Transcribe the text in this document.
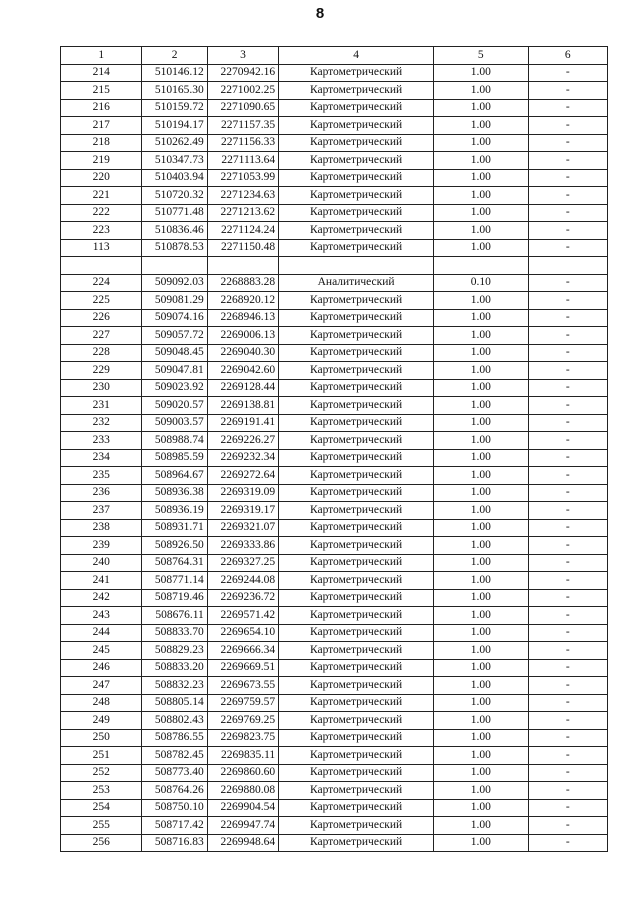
8
1	2	3	4	5	6
214	510146.12	2270942.16	Картометрический	1.00	-
215	510165.30	2271002.25	Картометрический	1.00	-
216	510159.72	2271090.65	Картометрический	1.00	-
217	510194.17	2271157.35	Картометрический	1.00	-
218	510262.49	2271156.33	Картометрический	1.00	-
219	510347.73	2271113.64	Картометрический	1.00	-
220	510403.94	2271053.99	Картометрический	1.00	-
221	510720.32	2271234.63	Картометрический	1.00	-
222	510771.48	2271213.62	Картометрический	1.00	-
223	510836.46	2271124.24	Картометрический	1.00	-
113	510878.53	2271150.48	Картометрический	1.00	-

224	509092.03	2268883.28	Аналитический	0.10	-
225	509081.29	2268920.12	Картометрический	1.00	-
226	509074.16	2268946.13	Картометрический	1.00	-
227	509057.72	2269006.13	Картометрический	1.00	-
228	509048.45	2269040.30	Картометрический	1.00	-
229	509047.81	2269042.60	Картометрический	1.00	-
230	509023.92	2269128.44	Картометрический	1.00	-
231	509020.57	2269138.81	Картометрический	1.00	-
232	509003.57	2269191.41	Картометрический	1.00	-
233	508988.74	2269226.27	Картометрический	1.00	-
234	508985.59	2269232.34	Картометрический	1.00	-
235	508964.67	2269272.64	Картометрический	1.00	-
236	508936.38	2269319.09	Картометрический	1.00	-
237	508936.19	2269319.17	Картометрический	1.00	-
238	508931.71	2269321.07	Картометрический	1.00	-
239	508926.50	2269333.86	Картометрический	1.00	-
240	508764.31	2269327.25	Картометрический	1.00	-
241	508771.14	2269244.08	Картометрический	1.00	-
242	508719.46	2269236.72	Картометрический	1.00	-
243	508676.11	2269571.42	Картометрический	1.00	-
244	508833.70	2269654.10	Картометрический	1.00	-
245	508829.23	2269666.34	Картометрический	1.00	-
246	508833.20	2269669.51	Картометрический	1.00	-
247	508832.23	2269673.55	Картометрический	1.00	-
248	508805.14	2269759.57	Картометрический	1.00	-
249	508802.43	2269769.25	Картометрический	1.00	-
250	508786.55	2269823.75	Картометрический	1.00	-
251	508782.45	2269835.11	Картометрический	1.00	-
252	508773.40	2269860.60	Картометрический	1.00	-
253	508764.26	2269880.08	Картометрический	1.00	-
254	508750.10	2269904.54	Картометрический	1.00	-
255	508717.42	2269947.74	Картометрический	1.00	-
256	508716.83	2269948.64	Картометрический	1.00	-
